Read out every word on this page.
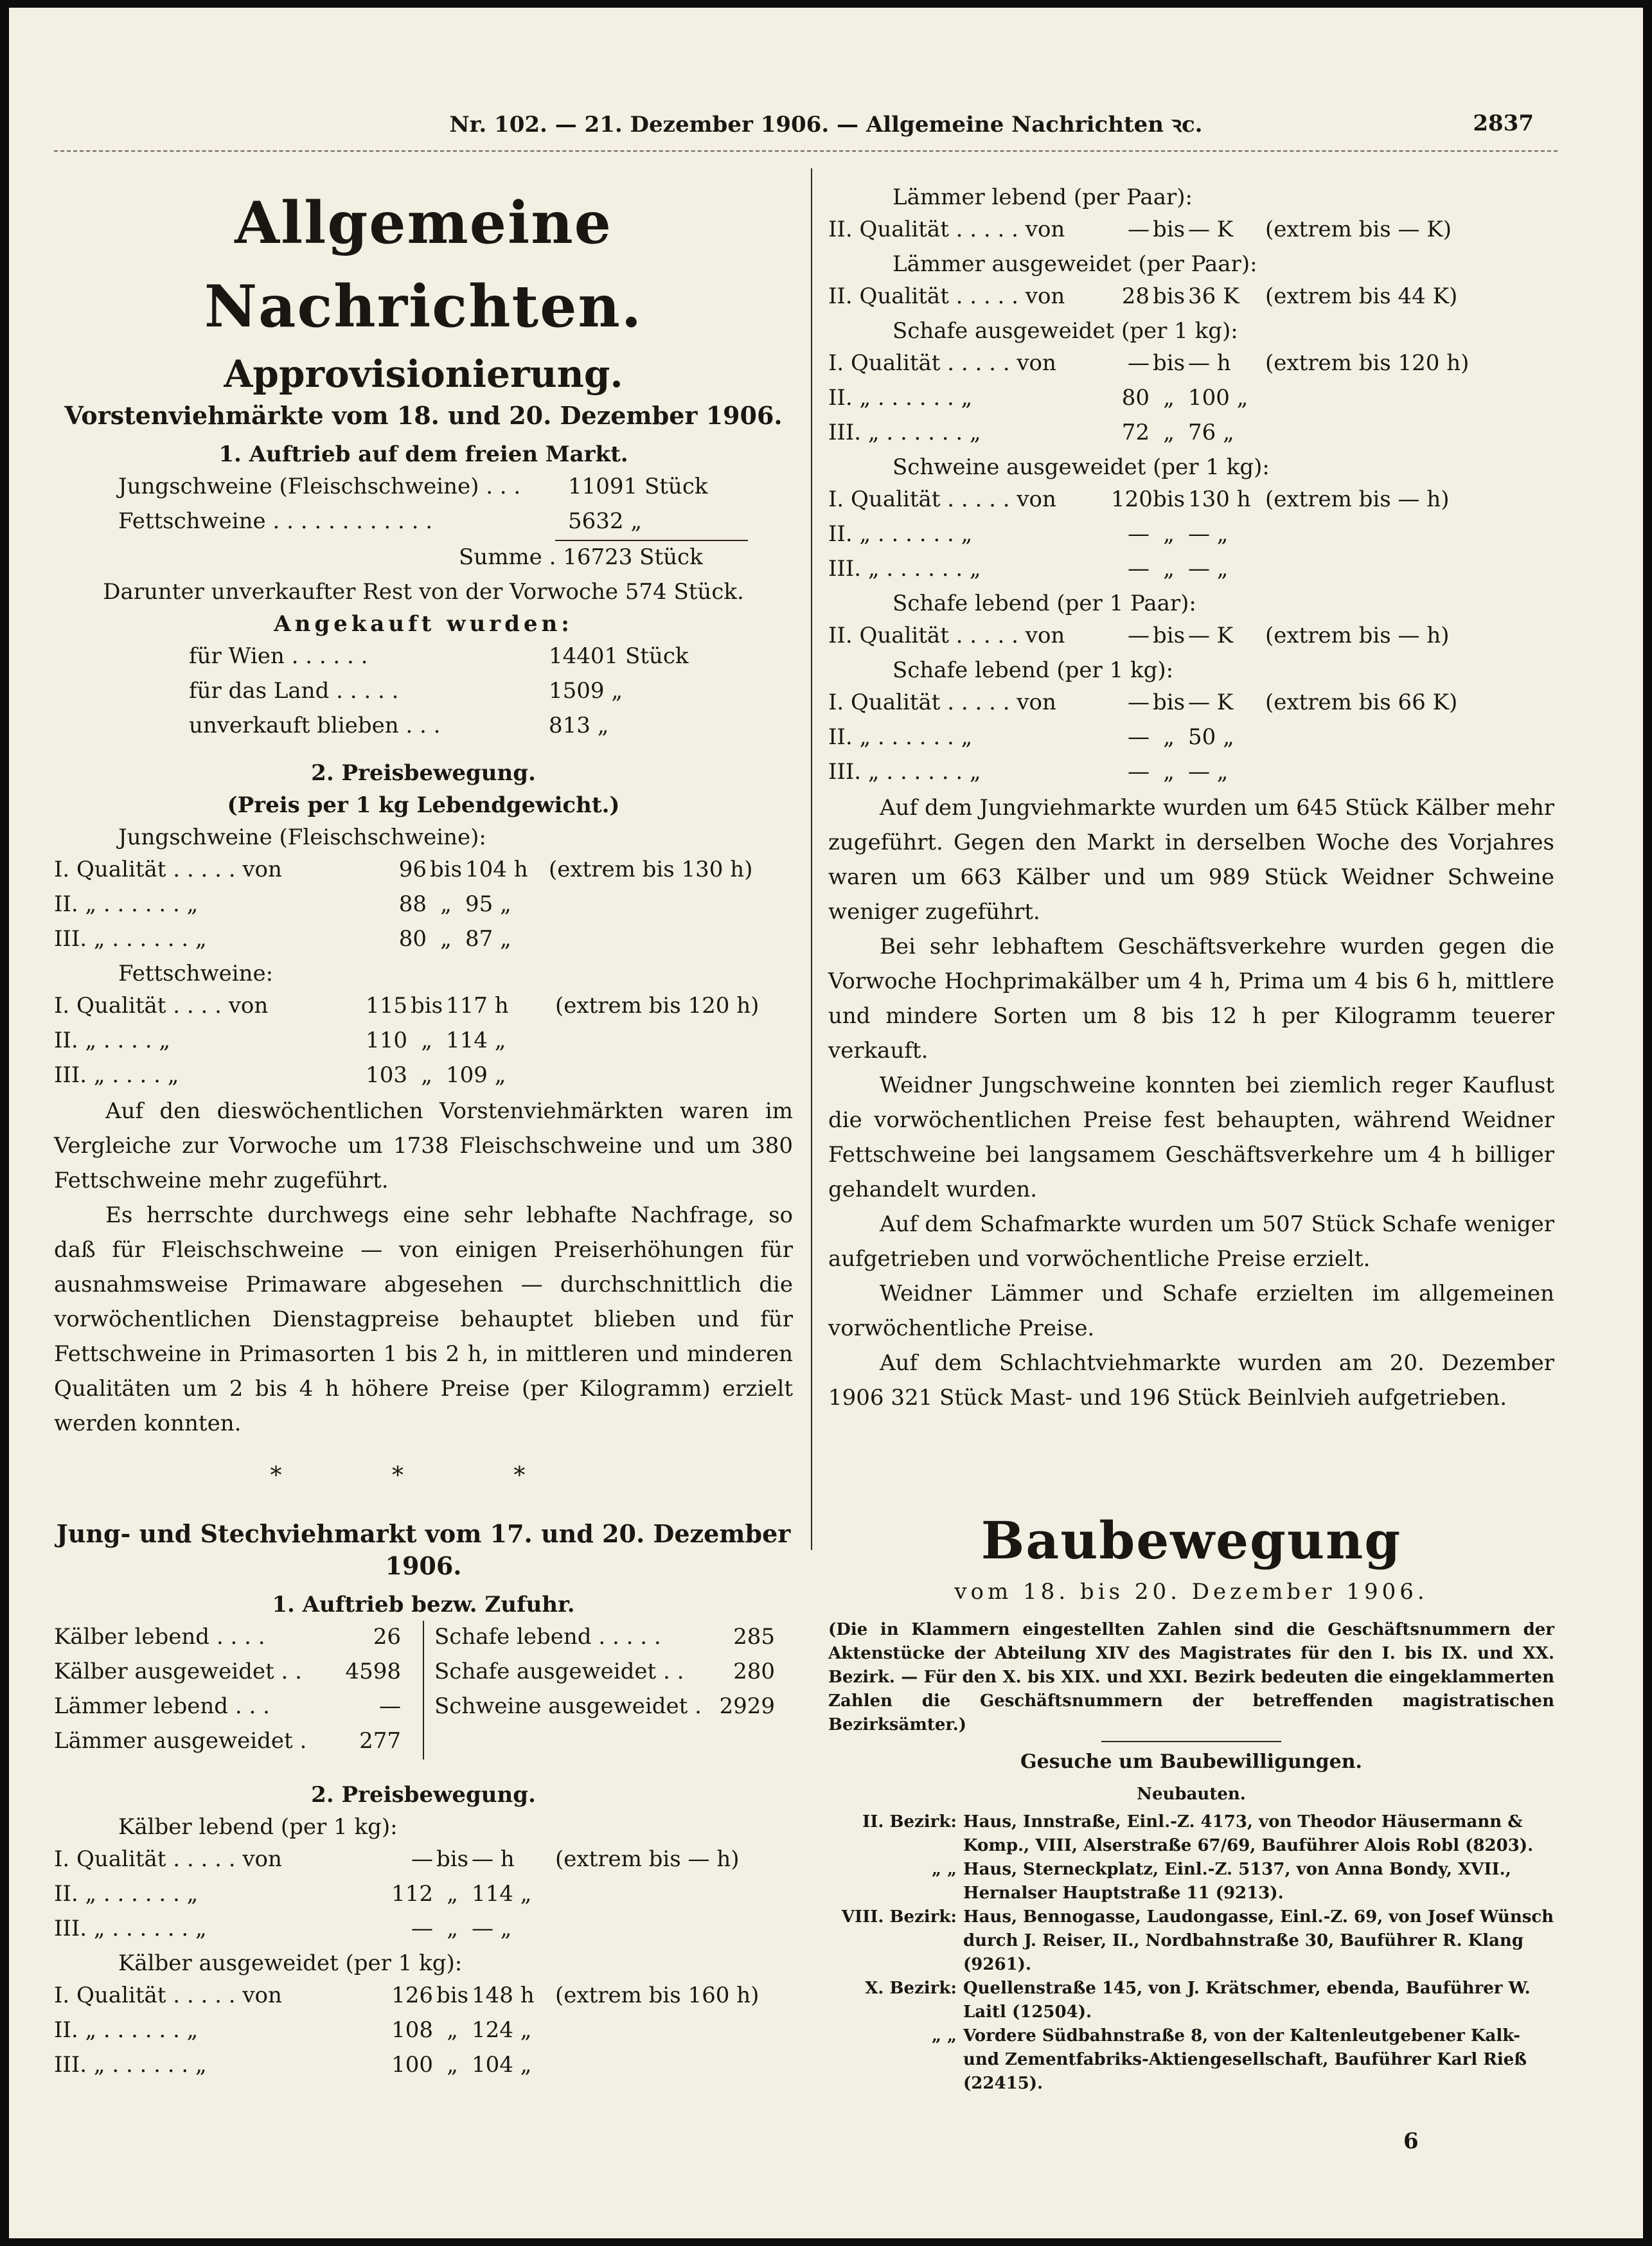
Nr. 102. — 21. Dezember 1906. — Allgemeine Nachrichten ꝛc.	2837
Allgemeine Nachrichten.
Approvisionierung.
Vorstenviehmärkte vom 18. und 20. Dezember 1906.
1. Auftrieb auf dem freien Markt.
Jungschweine (Fleischschweine) . . .	11091 Stück
Fettschweine . . . . . . . . . . . .	5632 „
Summe . 16723 Stück
Darunter unverkaufter Rest von der Vorwoche 574 Stück.
Angekauft wurden:
für Wien . . . . . .	14401 Stück
für das Land . . . . .	1509 „
unverkauft blieben . . .	813 „
2. Preisbewegung.
(Preis per 1 kg Lebendgewicht.)
Jungschweine (Fleischschweine):
I. Qualität . . . . . von	96 bis 104 h (extrem bis 130 h)
II. „ . . . . . . „	88 „ 95 „
III. „ . . . . . . „	80 „ 87 „
Fettschweine:
I. Qualität . . . . von	115 bis 117 h	(extrem bis 120 h)
II. „ . . . . „	110 „ 114 „
III. „ . . . . „	103 „ 109 „
Auf den dieswöchentlichen Vorstenviehmärkten waren im Vergleiche zur Vorwoche um 1738 Fleischschweine und um 380 Fettschweine mehr zugeführt.
Es herrschte durchwegs eine sehr lebhafte Nachfrage, so daß für Fleischschweine — von einigen Preiserhöhungen für ausnahmsweise Primaware abgesehen — durchschnittlich die vorwöchentlichen Dienstagpreise behauptet blieben und für Fettschweine in Primasorten 1 bis 2 h, in mittleren und minderen Qualitäten um 2 bis 4 h höhere Preise (per Kilogramm) erzielt werden konnten.
* * *
Jung- und Stechviehmarkt vom 17. und 20. Dezember 1906.
1. Auftrieb bezw. Zufuhr.
Kälber lebend . . . .	26
Kälber ausgeweidet . .	4598
Lämmer lebend . . .	—
Lämmer ausgeweidet .	277
Schafe lebend . . . . .	285
Schafe ausgeweidet . .	280
Schweine ausgeweidet . 2929
2. Preisbewegung.
Kälber lebend (per 1 kg):
I. Qualität . . . . . von	— bis — h	(extrem bis — h)
II. „ . . . . . . „	112 „ 114 „
III. „ . . . . . . „	— „ — „
Kälber ausgeweidet (per 1 kg):
I. Qualität . . . . . von	126 bis 148 h (extrem bis 160 h)
II. „ . . . . . . „	108 „ 124 „
III. „ . . . . . . „	100 „ 104 „
Lämmer lebend (per Paar):
II. Qualität . . . . . von	— bis — K	(extrem bis — K)
Lämmer ausgeweidet (per Paar):
II. Qualität . . . . . von	28 bis 36 K	(extrem bis 44 K)
Schafe ausgeweidet (per 1 kg):
I. Qualität . . . . . von	— bis — h	(extrem bis 120 h)
II. „ . . . . . . „	80 „ 100 „
III. „ . . . . . . „	72 „ 76 „
Schweine ausgeweidet (per 1 kg):
I. Qualität . . . . . von	120 bis 130 h (extrem bis — h)
II. „ . . . . . . „	— „ — „
III. „ . . . . . . „	— „ — „
Schafe lebend (per 1 Paar):
II. Qualität . . . . . von	— bis — K	(extrem bis — h)
Schafe lebend (per 1 kg):
I. Qualität . . . . . von	— bis — K	(extrem bis 66 K)
II. „ . . . . . . „	— „ 50 „
III. „ . . . . . . „	— „ — „
Auf dem Jungviehmarkte wurden um 645 Stück Kälber mehr zugeführt. Gegen den Markt in derselben Woche des Vorjahres waren um 663 Kälber und um 989 Stück Weidner Schweine weniger zugeführt.
Bei sehr lebhaftem Geschäftsverkehre wurden gegen die Vorwoche Hochprimakälber um 4 h, Prima um 4 bis 6 h, mittlere und mindere Sorten um 8 bis 12 h per Kilogramm teuerer verkauft.
Weidner Jungschweine konnten bei ziemlich reger Kauflust die vorwöchentlichen Preise fest behaupten, während Weidner Fettschweine bei langsamem Geschäftsverkehre um 4 h billiger gehandelt wurden.
Auf dem Schafmarkte wurden um 507 Stück Schafe weniger aufgetrieben und vorwöchentliche Preise erzielt.
Weidner Lämmer und Schafe erzielten im allgemeinen vorwöchentliche Preise.
Auf dem Schlachtviehmarkte wurden am 20. Dezember 1906 321 Stück Mast- und 196 Stück Beinlvieh aufgetrieben.
Baubewegung
vom 18. bis 20. Dezember 1906.
(Die in Klammern eingestellten Zahlen sind die Geschäftsnummern der Aktenstücke der Abteilung XIV des Magistrates für den I. bis IX. und XX. Bezirk. — Für den X. bis XIX. und XXI. Bezirk bedeuten die eingeklammerten Zahlen die Geschäftsnummern der betreffenden magistratischen Bezirksämter.)
Gesuche um Baubewilligungen.
Neubauten.
II. Bezirk: Haus, Innstraße, Einl.-Z. 4173, von Theodor Häusermann & Komp., VIII, Alserstraße 67/69, Bauführer Alois Robl (8203).
„ „ Haus, Sterneckplatz, Einl.-Z. 5137, von Anna Bondy, XVII., Hernalser Hauptstraße 11 (9213).
VIII. Bezirk: Haus, Bennogasse, Laudongasse, Einl.-Z. 69, von Josef Wünsch durch J. Reiser, II., Nordbahnstraße 30, Bauführer R. Klang (9261).
X. Bezirk: Quellenstraße 145, von J. Krätschmer, ebenda, Bauführer W. Laitl (12504).
„ „ Vordere Südbahnstraße 8, von der Kaltenleutgebener Kalk- und Zementfabriks-Aktiengesellschaft, Bauführer Karl Rieß (22415).
6
